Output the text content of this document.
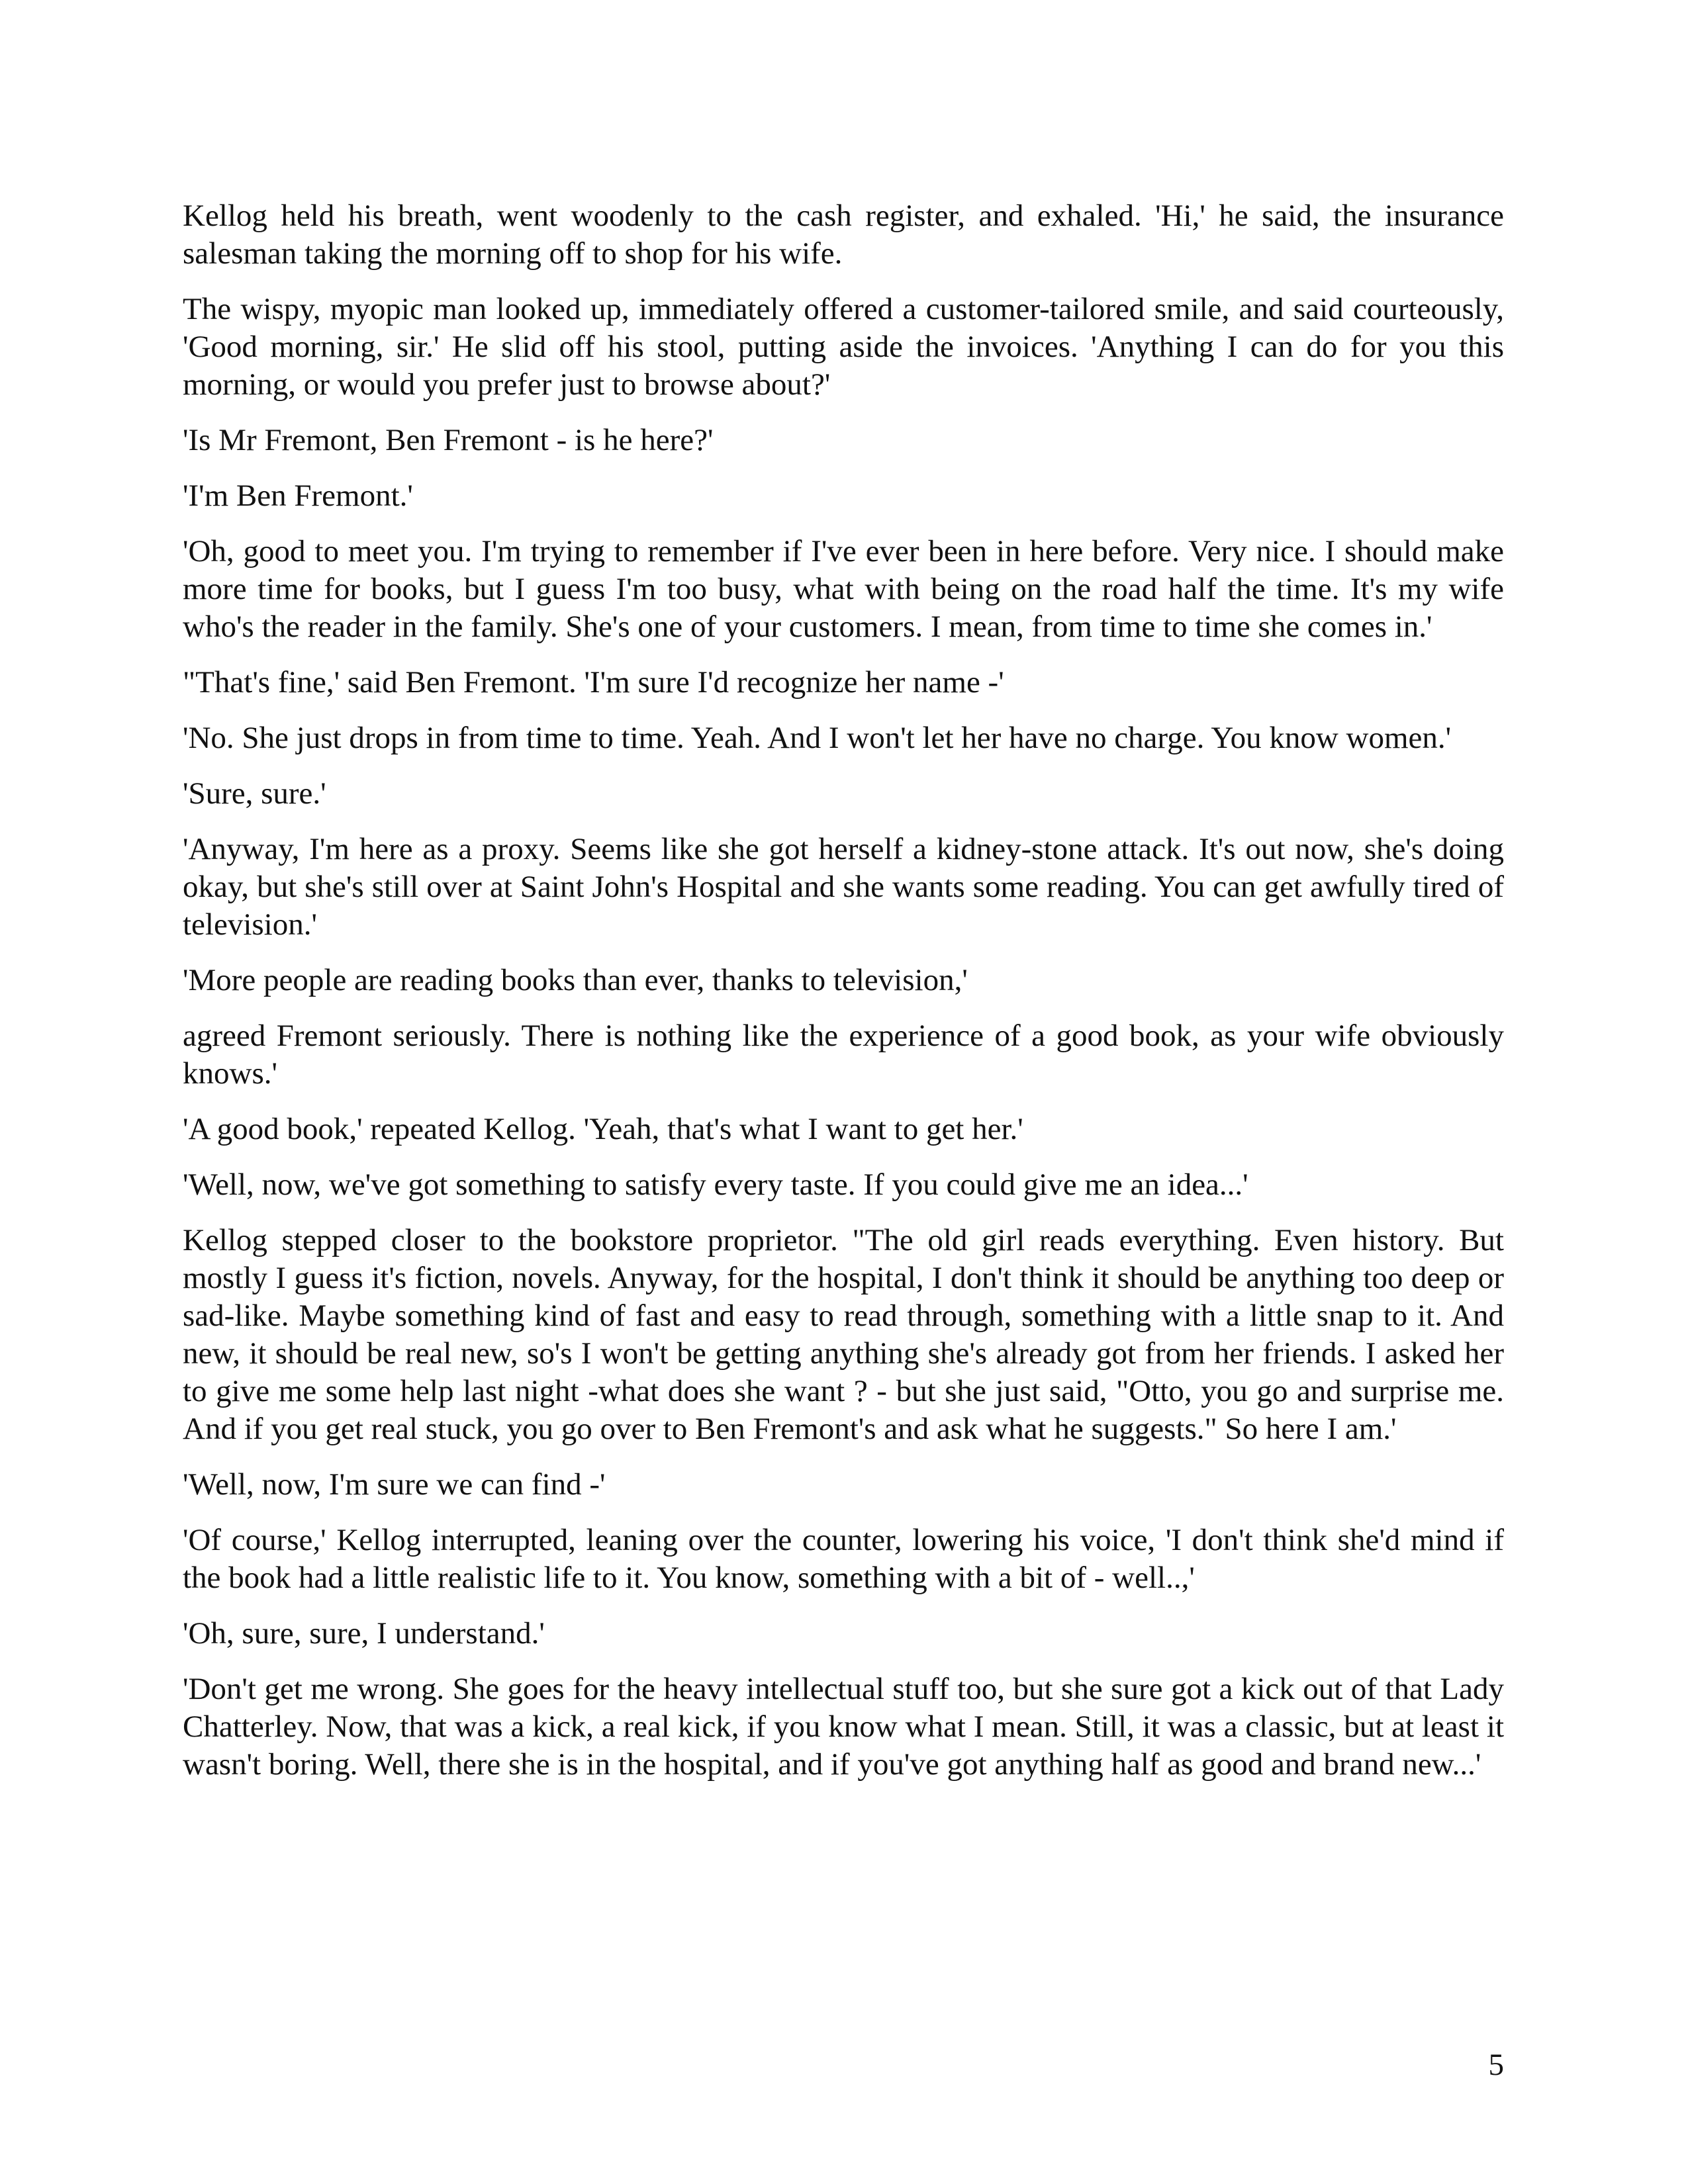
Kellog held his breath, went woodenly to the cash register, and exhaled. 'Hi,' he said, the insurance salesman taking the morning off to shop for his wife.

The wispy, myopic man looked up, immediately offered a customer-tailored smile, and said courteously, 'Good morning, sir.' He slid off his stool, putting aside the invoices. 'Anything I can do for you this morning, or would you prefer just to browse about?'

'Is Mr Fremont, Ben Fremont - is he here?'

'I'm Ben Fremont.'

'Oh, good to meet you. I'm trying to remember if I've ever been in here before. Very nice. I should make more time for books, but I guess I'm too busy, what with being on the road half the time. It's my wife who's the reader in the family. She's one of your customers. I mean, from time to time she comes in.'

"That's fine,' said Ben Fremont. 'I'm sure I'd recognize her name -'

'No. She just drops in from time to time. Yeah. And I won't let her have no charge. You know women.'

'Sure, sure.'

'Anyway, I'm here as a proxy. Seems like she got herself a kidney-stone attack. It's out now, she's doing okay, but she's still over at Saint John's Hospital and she wants some reading. You can get awfully tired of television.'

'More people are reading books than ever, thanks to television,'

agreed Fremont seriously. There is nothing like the experience of a good book, as your wife obviously knows.'

'A good book,' repeated Kellog. 'Yeah, that's what I want to get her.'

'Well, now, we've got something to satisfy every taste. If you could give me an idea...'

Kellog stepped closer to the bookstore proprietor. "The old girl reads everything. Even history. But mostly I guess it's fiction, novels. Anyway, for the hospital, I don't think it should be anything too deep or sad-like. Maybe something kind of fast and easy to read through, something with a little snap to it. And new, it should be real new, so's I won't be getting anything she's already got from her friends. I asked her to give me some help last night -what does she want ? - but she just said, "Otto, you go and surprise me. And if you get real stuck, you go over to Ben Fremont's and ask what he suggests." So here I am.'

'Well, now, I'm sure we can find -'

'Of course,' Kellog interrupted, leaning over the counter, lowering his voice, 'I don't think she'd mind if the book had a little realistic life to it. You know, something with a bit of - well..,'

'Oh, sure, sure, I understand.'

'Don't get me wrong. She goes for the heavy intellectual stuff too, but she sure got a kick out of that Lady Chatterley. Now, that was a kick, a real kick, if you know what I mean. Still, it was a classic, but at least it wasn't boring. Well, there she is in the hospital, and if you've got anything half as good and brand new...'

5
